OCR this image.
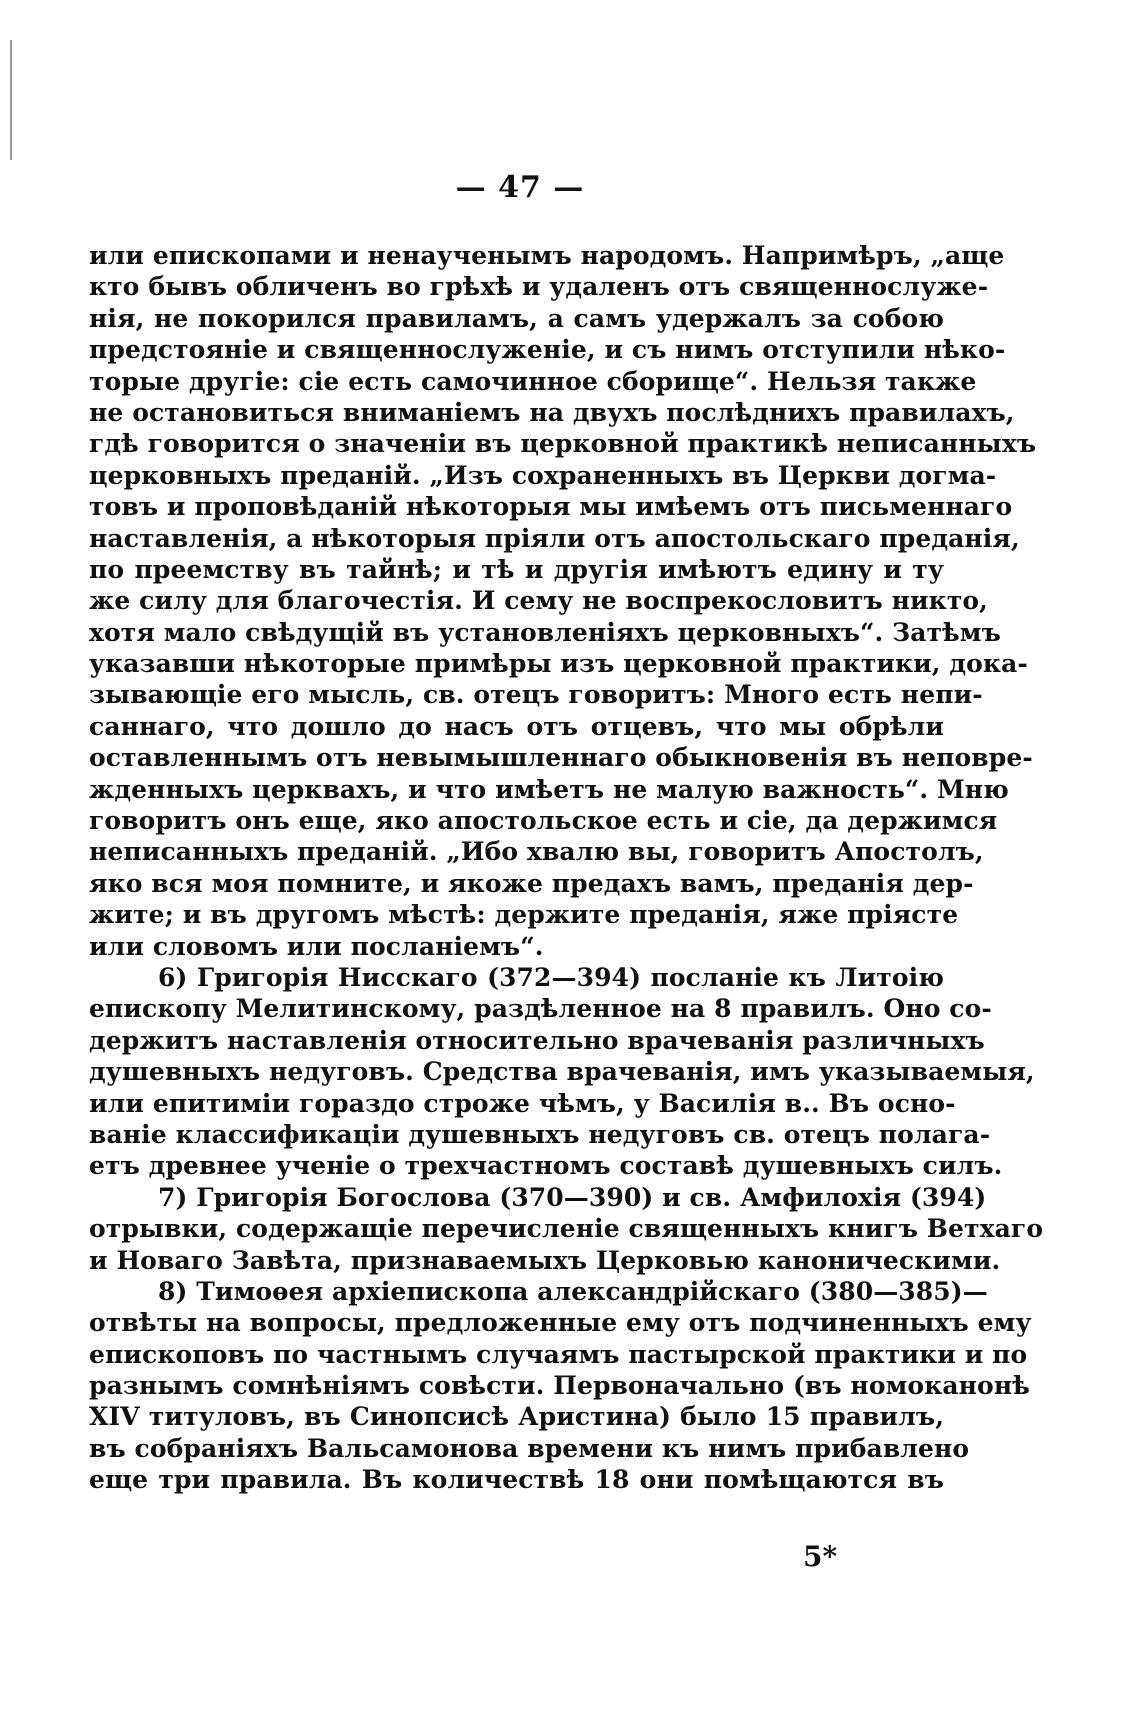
— 47 —
или епископами и ненаученымъ народомъ. Напримѣръ, „аще
кто бывъ обличенъ во грѣхѣ и удаленъ отъ священнослуже-
нія, не покорился правиламъ, а самъ удержалъ за собою
предстояніе и священнослуженіе, и съ нимъ отступили нѣко-
торые другіе: сіе есть самочинное сборище“. Нельзя также
не остановиться вниманіемъ на двухъ послѣднихъ правилахъ,
гдѣ говорится о значеніи въ церковной практикѣ неписанныхъ
церковныхъ преданій. „Изъ сохраненныхъ въ Церкви догма-
товъ и проповѣданій нѣкоторыя мы имѣемъ отъ письменнаго
наставленія, а нѣкоторыя пріяли отъ апостольскаго преданія,
по преемству въ тайнѣ; и тѣ и другія имѣютъ едину и ту
же силу для благочестія. И сему не воспрекословитъ никто,
хотя мало свѣдущій въ установленіяхъ церковныхъ“. Затѣмъ
указавши нѣкоторые примѣры изъ церковной практики, дока-
зывающіе его мысль, св. отецъ говоритъ: Много есть непи-
саннаго, что дошло до насъ отъ отцевъ, что мы обрѣли
оставленнымъ отъ невымышленнаго обыкновенія въ неповре-
жденныхъ церквахъ, и что имѣетъ не малую важность“. Мню
говоритъ онъ еще, яко апостольское есть и сіе, да держимся
неписанныхъ преданій. „Ибо хвалю вы, говоритъ Апостолъ,
яко вся моя помните, и якоже предахъ вамъ, преданія дер-
жите; и въ другомъ мѣстѣ: держите преданія, яже пріясте
или словомъ или посланіемъ“.
6) Григорія Нисскаго (372—394) посланіе къ Литоію
епископу Мелитинскому, раздѣленное на 8 правилъ. Оно со-
держитъ наставленія относительно врачеванія различныхъ
душевныхъ недуговъ. Средства врачеванія, имъ указываемыя,
или епитиміи гораздо строже чѣмъ, у Василія в.. Въ осно-
ваніе классификаціи душевныхъ недуговъ св. отецъ полага-
етъ древнее ученіе о трехчастномъ составѣ душевныхъ силъ.
7) Григорія Богослова (370—390) и св. Амфилохія (394)
отрывки, содержащіе перечисленіе священныхъ книгъ Ветхаго
и Новаго Завѣта, признаваемыхъ Церковью каноническими.
8) Тимоѳея архіепископа александрійскаго (380—385)—
отвѣты на вопросы, предложенные ему отъ подчиненныхъ ему
епископовъ по частнымъ случаямъ пастырской практики и по
разнымъ сомнѣніямъ совѣсти. Первоначально (въ номоканонѣ
XIV титуловъ, въ Синопсисѣ Аристина) было 15 правилъ,
въ собраніяхъ Вальсамонова времени къ нимъ прибавлено
еще три правила. Въ количествѣ 18 они помѣщаются въ
5*
